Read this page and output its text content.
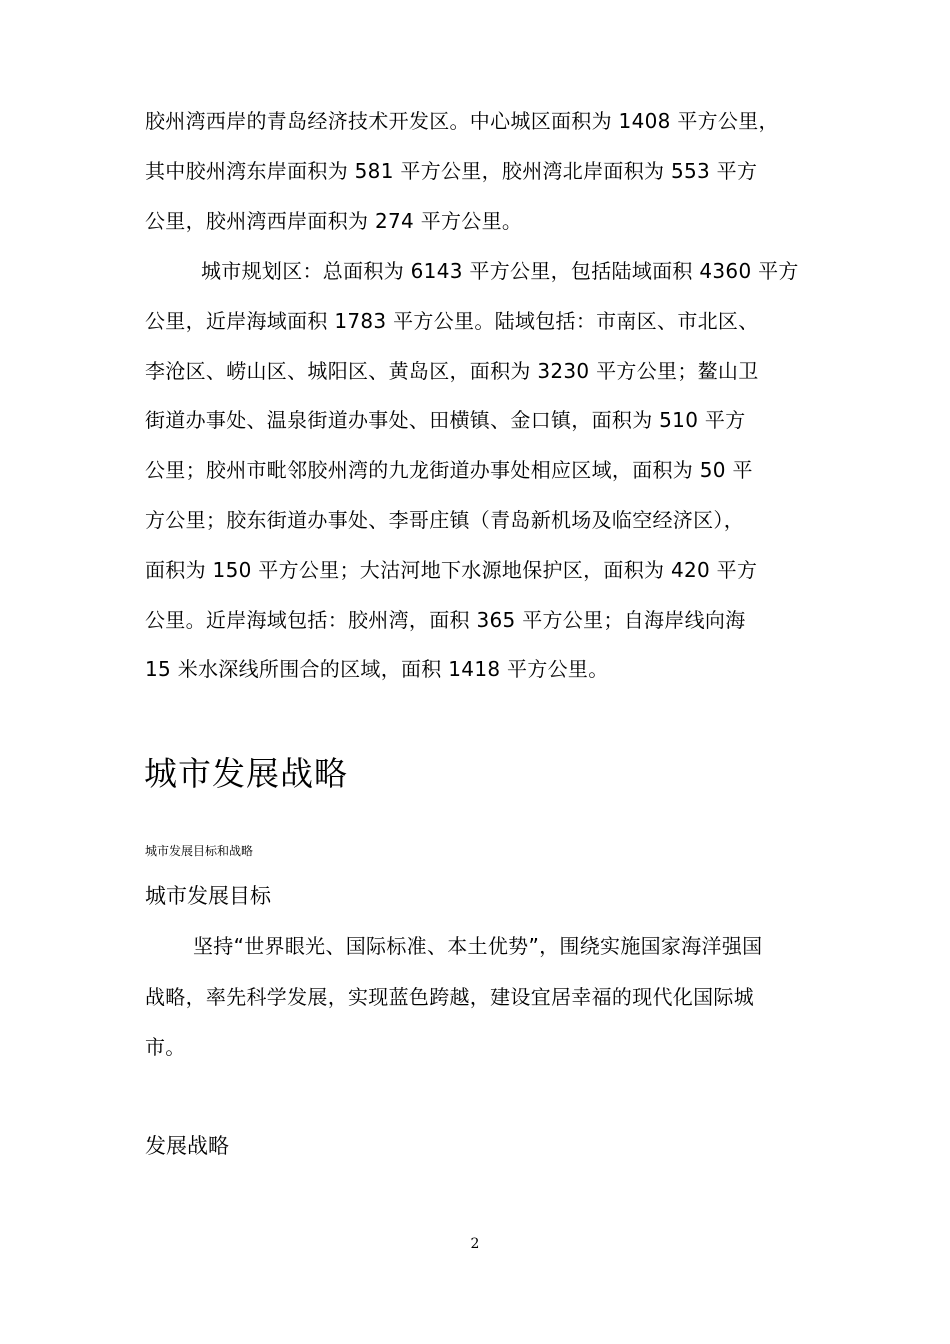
胶州湾西岸的青岛经济技术开发区。中心城区面积为 1408 平方公里，
其中胶州湾东岸面积为 581 平方公里，胶州湾北岸面积为 553 平方
公里，胶州湾西岸面积为 274 平方公里。
城市规划区：总面积为 6143 平方公里，包括陆域面积 4360 平方
公里，近岸海域面积 1783 平方公里。陆域包括：市南区、市北区、
李沧区、崂山区、城阳区、黄岛区，面积为 3230 平方公里；鳌山卫
街道办事处、温泉街道办事处、田横镇、金口镇，面积为 510 平方
公里；胶州市毗邻胶州湾的九龙街道办事处相应区域，面积为 50 平
方公里；胶东街道办事处、李哥庄镇（青岛新机场及临空经济区），
面积为 150 平方公里；大沽河地下水源地保护区，面积为 420 平方
公里。近岸海域包括：胶州湾，面积 365 平方公里；自海岸线向海
15 米水深线所围合的区域，面积 1418 平方公里。
城市发展战略
城市发展目标和战略
城市发展目标
坚持“世界眼光、国际标准、本土优势”，围绕实施国家海洋强国
战略，率先科学发展，实现蓝色跨越，建设宜居幸福的现代化国际城
市。
发展战略
2
